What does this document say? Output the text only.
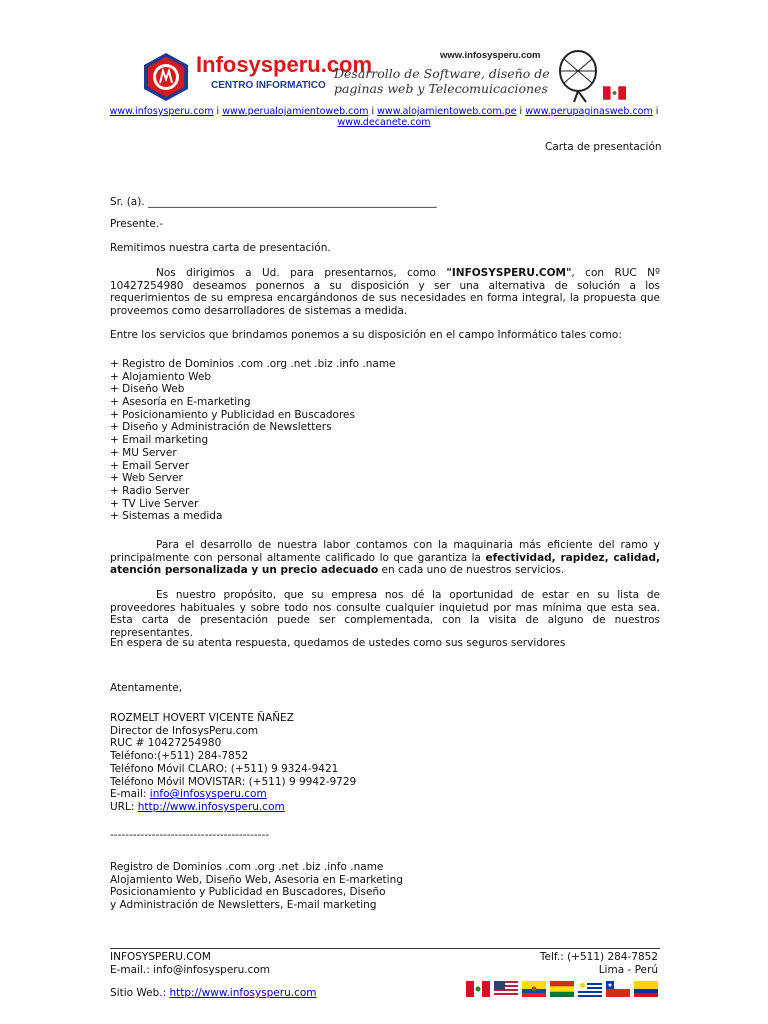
Infosysperu.com
CENTRO INFORMATICO
www.infosysperu.com
Desarrollo de Software, diseño de paginas web y Telecomuicaciones
www.infosysperu.com i www.perualojamientoweb.com i www.alojamientoweb.com.pe i www.perupaginasweb.com i
www.decanete.com
Carta de presentación
Sr. (a). _______________________________________________________
Presente.-
Remitimos nuestra carta de presentación.
Nos dirigimos a Ud. para presentarnos, como "INFOSYSPERU.COM", con RUC Nº 10427254980 deseamos ponernos a su disposición y ser una alternativa de solución a los requerimientos de su empresa encargándonos de sus necesidades en forma integral, la propuesta que proveemos como desarrolladores de sistemas a medida.
Entre los servicios que brindamos ponemos a su disposición en el campo Informático tales como:
+ Registro de Dominios .com .org .net .biz .info .name
+ Alojamiento Web
+ Diseño Web
+ Asesoría en E-marketing
+ Posicionamiento y Publicidad en Buscadores
+ Diseño y Administración de Newsletters
+ Email marketing
+ MU Server
+ Email Server
+ Web Server
+ Radio Server
+ TV Live Server
+ Sistemas a medida
Para el desarrollo de nuestra labor contamos con la maquinaria más eficiente del ramo y principalmente con personal altamente calificado lo que garantiza la efectividad, rapidez, calidad, atención personalizada y un precio adecuado en cada uno de nuestros servicios.
Es nuestro propósito, que su empresa nos dé la oportunidad de estar en su lista de proveedores habituales y sobre todo nos consulte cualquier inquietud por mas mínima que esta sea. Esta carta de presentación puede ser complementada, con la visita de alguno de nuestros representantes.
En espera de su atenta respuesta, quedamos de ustedes como sus seguros servidores
Atentamente,
ROZMELT HOVERT VICENTE ÑAÑEZ
Director de InfosysPeru.com
RUC # 10427254980
Teléfono:(+511) 284-7852
Teléfono Móvil CLARO: (+511) 9 9324-9421
Teléfono Móvil MOVISTAR: (+511) 9 9942-9729
E-mail: info@infosysperu.com
URL: http://www.infosysperu.com
------------------------------------------
Registro de Dominios .com .org .net .biz .info .name
Alojamiento Web, Diseño Web, Asesoria en E-marketing
Posicionamiento y Publicidad en Buscadores, Diseño
y Administración de Newsletters, E-mail marketing
INFOSYSPERU.COM
E-mail.: info@infosysperu.com
Sitio Web.: http://www.infosysperu.com
Telf.: (+511) 284-7852
Lima - Perú
